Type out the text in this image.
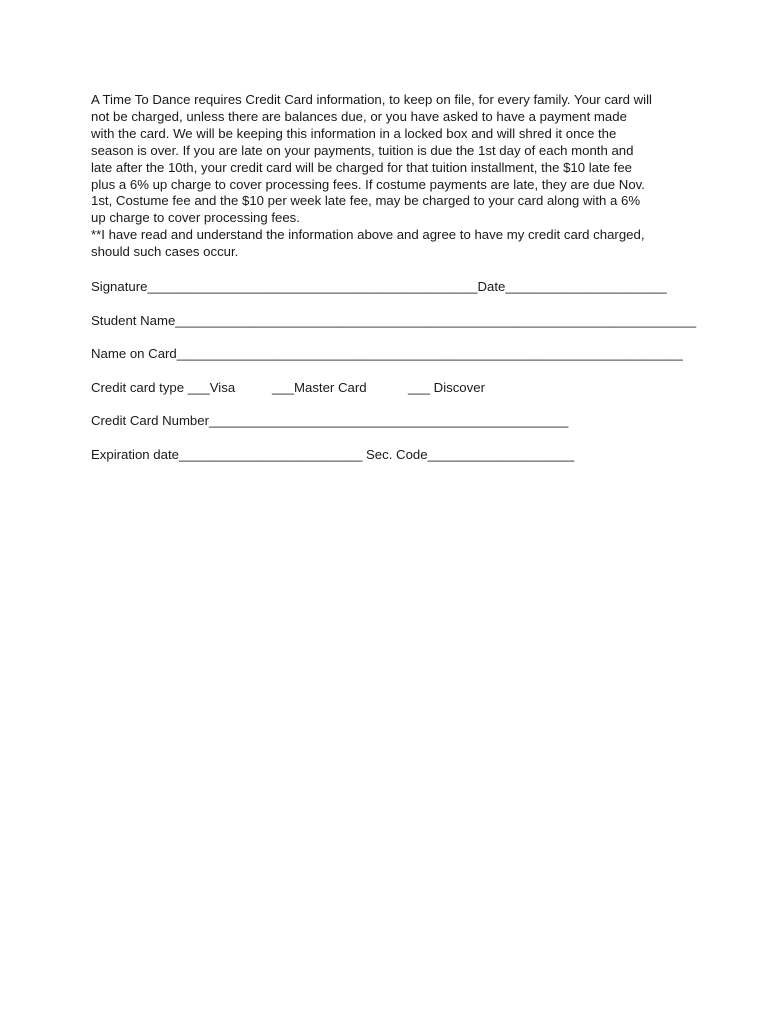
A Time To Dance requires Credit Card information, to keep on file, for every family. Your card will

not be charged, unless there are balances due, or you have asked to have a payment made

with the card. We will be keeping this information in a locked box and will shred it once the

season is over. If you are late on your payments, tuition is due the 1st day of each month and

late after the 10th, your credit card will be charged for that tuition installment, the $10 late fee

plus a 6% up charge to cover processing fees. If costume payments are late, they are due Nov.

1st, Costume fee and the $10 per week late fee, may be charged to your card along with a 6%

up charge to cover processing fees.

**I have read and understand the information above and agree to have my credit card charged,

should such cases occur.

Signature_____________________________________________Date______________________
Student Name_______________________________________________________________________
Name on Card_____________________________________________________________________
Credit card type ___Visa	___Master Card	___ Discover
Credit Card Number_________________________________________________
Expiration date_________________________ Sec. Code____________________
